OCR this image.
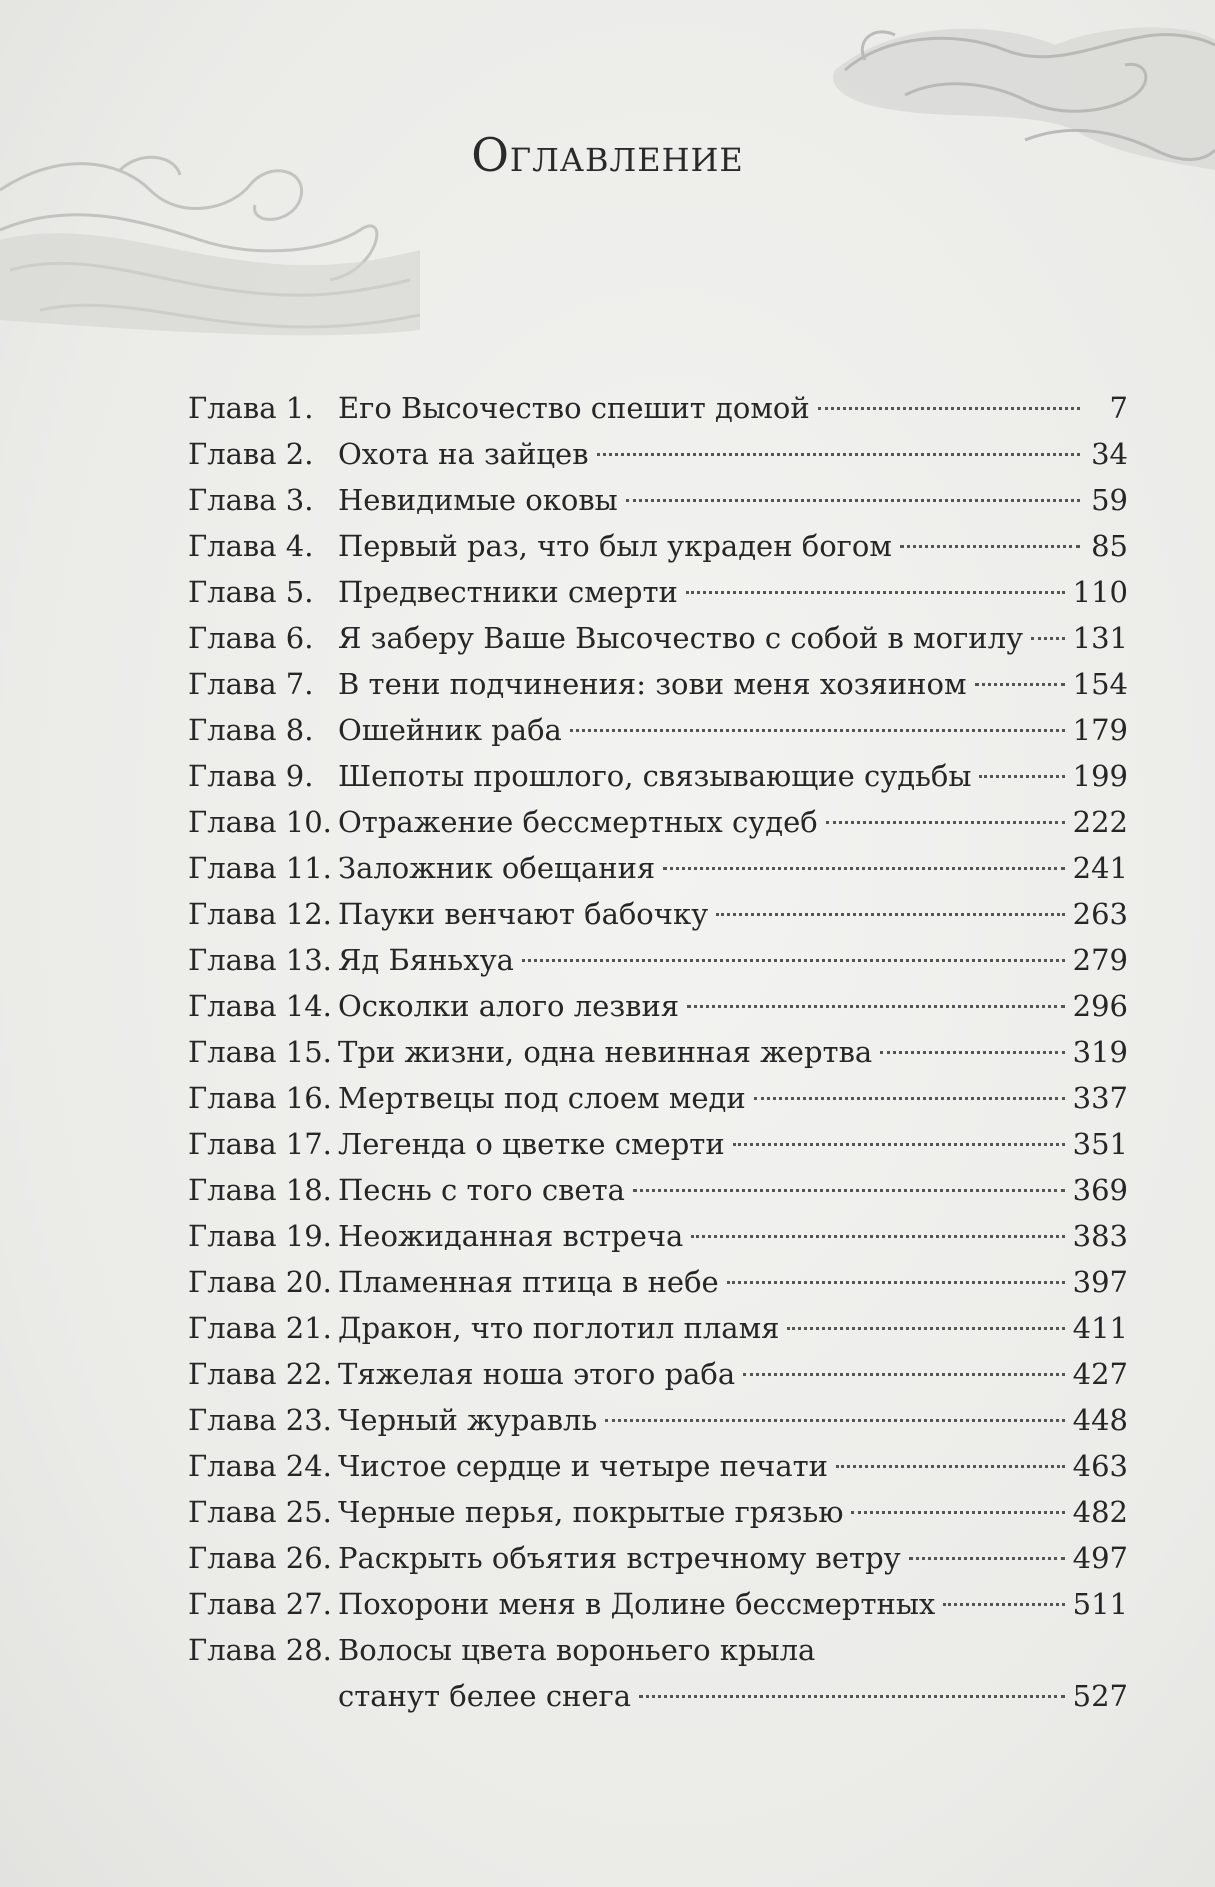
Оглавление
Глава 1. Его Высочество спешит домой	7
Глава 2. Охота на зайцев	34
Глава 3. Невидимые оковы	59
Глава 4. Первый раз, что был украден богом	85
Глава 5. Предвестники смерти	110
Глава 6. Я заберу Ваше Высочество с собой в могилу 131
Глава 7. В тени подчинения: зови меня хозяином	154
Глава 8. Ошейник раба	179
Глава 9. Шепоты прошлого, связывающие судьбы	199
Глава 10. Отражение бессмертных судеб	222
Глава 11. Заложник обещания	241
Глава 12. Пауки венчают бабочку	263
Глава 13. Яд Бяньхуа	279
Глава 14. Осколки алого лезвия	296
Глава 15. Три жизни, одна невинная жертва	319
Глава 16. Мертвецы под слоем меди	337
Глава 17. Легенда о цветке смерти	351
Глава 18. Песнь с того света	369
Глава 19. Неожиданная встреча	383
Глава 20. Пламенная птица в небе	397
Глава 21. Дракон, что поглотил пламя	411
Глава 22. Тяжелая ноша этого раба	427
Глава 23. Черный журавль	448
Глава 24. Чистое сердце и четыре печати	463
Глава 25. Черные перья, покрытые грязью	482
Глава 26. Раскрыть объятия встречному ветру	497
Глава 27. Похорони меня в Долине бессмертных	511
Глава 28. Волосы цвета вороньего крыла
станут белее снега	527
